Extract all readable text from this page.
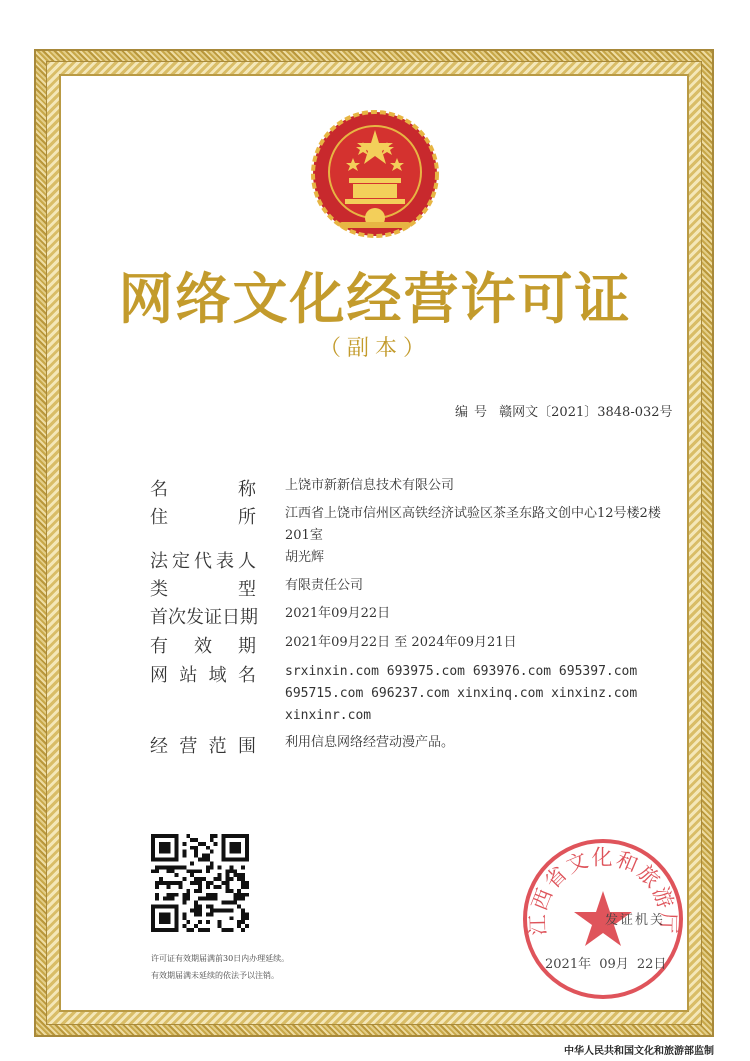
网络文化经营许可证
（副本）
编号 赣网文〔2021〕3848-032号
名称 上饶市新新信息技术有限公司
住所 江西省上饶市信州区高铁经济试验区茶圣东路文创中心12号楼2楼201室
法定代表人 胡光辉
类型 有限责任公司
首次发证日期 2021年09月22日
有效期 2021年09月22日 至 2024年09月21日
网站域名 srxinxin.com 693975.com 693976.com 695397.com 695715.com 696237.com xinxinq.com xinxinz.com xinxinr.com
经营范围 利用信息网络经营动漫产品。
许可证有效期届满前30日内办理延续。
有效期届满未延续的依法予以注销。
江西省文化和旅游厅
发证机关
2021年 09月 22日
中华人民共和国文化和旅游部监制
